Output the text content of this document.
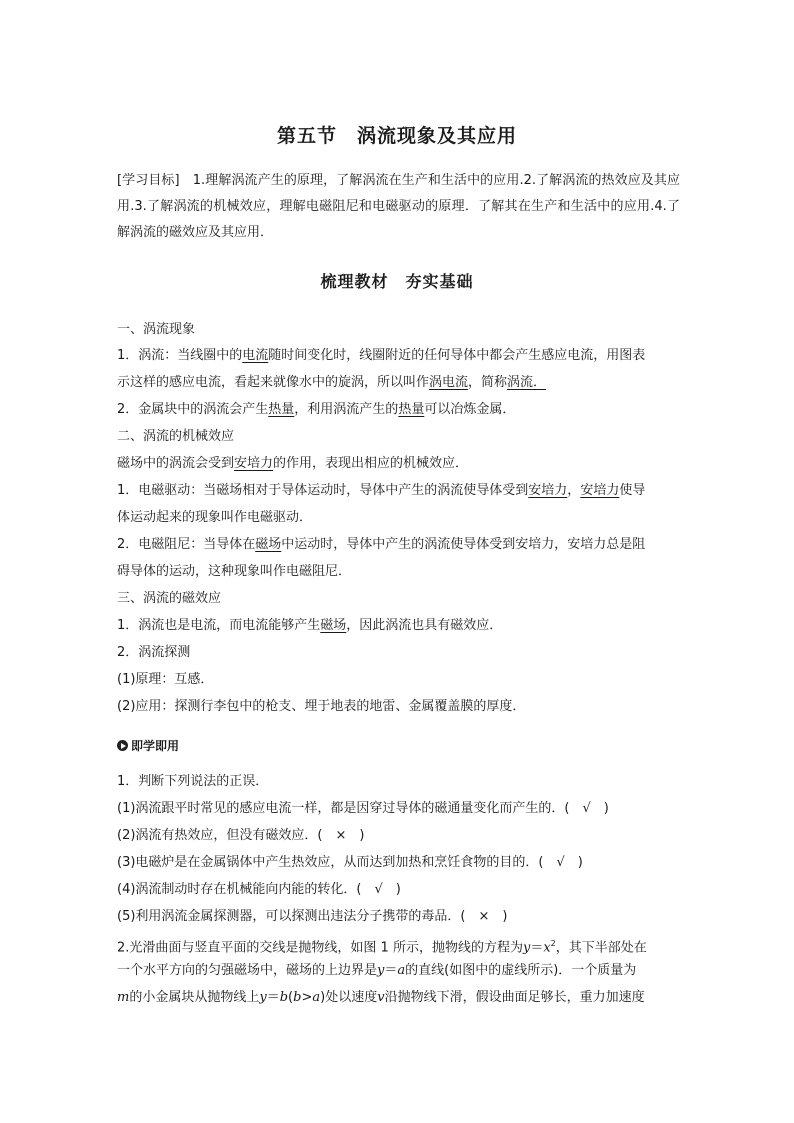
第五节　涡流现象及其应用
[学习目标]　1.理解涡流产生的原理，了解涡流在生产和生活中的应用.2.了解涡流的热效应及其应用.3.了解涡流的机械效应，理解电磁阻尼和电磁驱动的原理．了解其在生产和生活中的应用.4.了解涡流的磁效应及其应用．
梳理教材　夯实基础
一、涡流现象
1．涡流：当线圈中的电流随时间变化时，线圈附近的任何导体中都会产生感应电流，用图表
示这样的感应电流，看起来就像水中的旋涡，所以叫作涡电流，简称涡流．
2．金属块中的涡流会产生热量，利用涡流产生的热量可以冶炼金属．
二、涡流的机械效应
磁场中的涡流会受到安培力的作用，表现出相应的机械效应．
1．电磁驱动：当磁场相对于导体运动时，导体中产生的涡流使导体受到安培力，安培力使导
体运动起来的现象叫作电磁驱动．
2．电磁阻尼：当导体在磁场中运动时，导体中产生的涡流使导体受到安培力，安培力总是阻
碍导体的运动，这种现象叫作电磁阻尼．
三、涡流的磁效应
1．涡流也是电流，而电流能够产生磁场，因此涡流也具有磁效应．
2．涡流探测
(1)原理：互感．
(2)应用：探测行李包中的枪支、埋于地表的地雷、金属覆盖膜的厚度．
即学即用
1．判断下列说法的正误．
(1)涡流跟平时常见的感应电流一样，都是因穿过导体的磁通量变化而产生的．(　√　)
(2)涡流有热效应，但没有磁效应．(　×　)
(3)电磁炉是在金属锅体中产生热效应，从而达到加热和烹饪食物的目的．(　√　)
(4)涡流制动时存在机械能向内能的转化．(　√　)
(5)利用涡流金属探测器，可以探测出违法分子携带的毒品．(　×　)
2.光滑曲面与竖直平面的交线是抛物线，如图 1 所示，抛物线的方程为$y=x^2$，其下半部处在
一个水平方向的匀强磁场中，磁场的上边界是y＝a的直线(如图中的虚线所示)．一个质量为
m的小金属块从抛物线上y＝b(b>a)处以速度v沿抛物线下滑，假设曲面足够长，重力加速度
